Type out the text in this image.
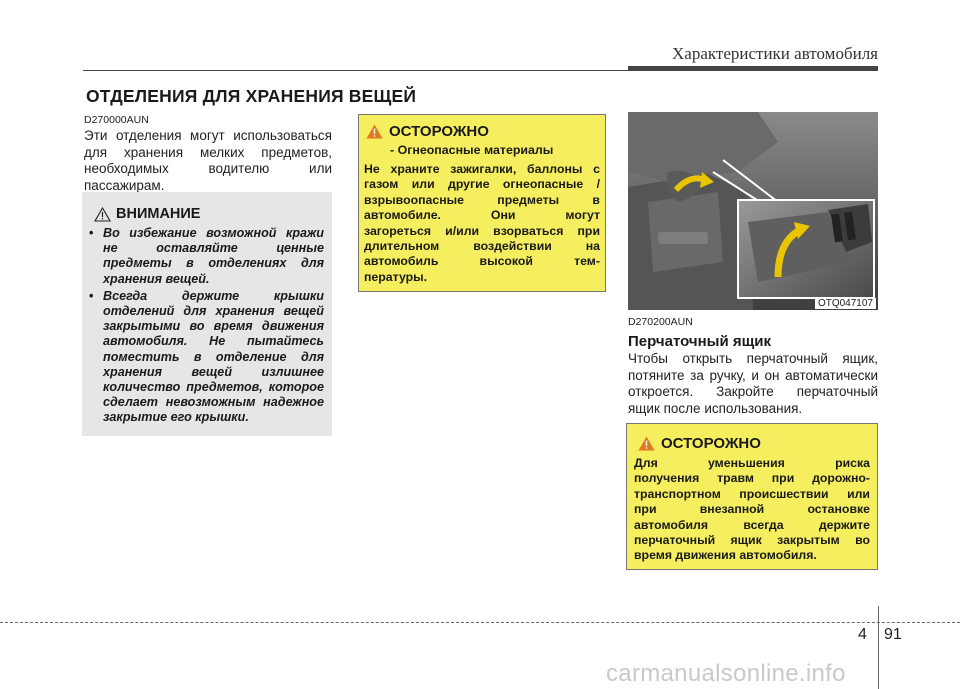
Характеристики автомобиля
ОТДЕЛЕНИЯ ДЛЯ ХРАНЕНИЯ ВЕЩЕЙ
D270000AUN
Эти отделения могут использоваться
для хранения мелких предметов,
необходимых водителю или
пассажирам.
ВНИМАНИЕ
• Во избежание возможной кражи не оставляйте ценные предметы в отделениях для хранения вещей.
• Всегда держите крышки отделений для хранения вещей закрытыми во время движения автомобиля. Не пытайтесь поместить в отделение для хранения вещей излишнее количество предметов, которое сделает невозможным надежное закрытие его крышки.
ОСТОРОЖНО
- Огнеопасные материалы
Не храните зажигалки, баллоны с
газом или другие огнеопасные /
взрывоопасные предметы в
автомобиле. Они могут
загореться и/или взорваться при
длительном воздействии на
автомобиль высокой тем-
пературы.
OTQ047107
D270200AUN
Перчаточный ящик
Чтобы открыть перчаточный ящик,
потяните за ручку, и он автоматически
откроется. Закройте перчаточный
ящик после использования.
ОСТОРОЖНО
Для уменьшения риска
получения травм при дорожно-
транспортном происшествии или
при внезапной остановке
автомобиля всегда держите
перчаточный ящик закрытым во
время движения автомобиля.
4 91
carmanualsonline.info
